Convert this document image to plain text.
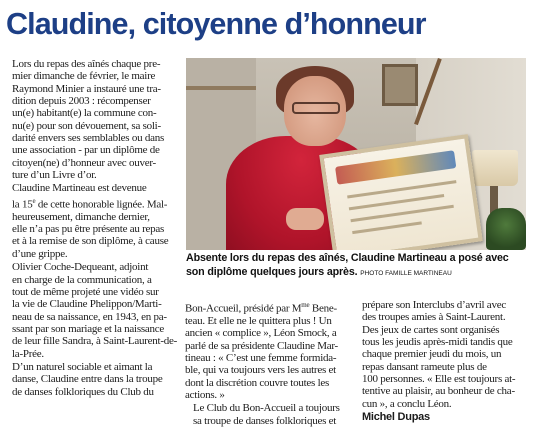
Claudine, citoyenne d’honneur

Lors du repas des aînés chaque pre-
mier dimanche de février, le maire
Raymond Minier a instauré une tra-
dition depuis 2003 : récompenser
un(e) habitant(e) la commune con-
nu(e) pour son dévouement, sa soli-
darité envers ses semblables ou dans
une association - par un diplôme de
citoyen(ne) d’honneur avec ouver-
ture d’un Livre d’or.

Claudine Martineau est devenue
la 15e de cette honorable lignée. Mal-
heureusement, dimanche dernier,
elle n’a pas pu être présente au repas
et à la remise de son diplôme, à cause
d’une grippe.

Olivier Coche-Dequeant, adjoint
en charge de la communication, a
tout de même projeté une vidéo sur
la vie de Claudine Phelippon/Marti-
neau de sa naissance, en 1943, en pa-
ssant par son mariage et la naissance
de leur fille Sandra, à Saint-Laurent-de-
la-Prée.

D’un naturel sociable et aimant la
danse, Claudine entre dans la troupe
de danses folkloriques du Club du

Absente lors du repas des aînés, Claudine Martineau a posé avec son diplôme quelques jours après. PHOTO FAMILLE MARTINEAU

Bon-Accueil, présidé par $M^{me}$ Bene-
teau. Et elle ne le quittera plus ! Un
ancien « complice », Léon Smock, a
parlé de sa présidente Claudine Mar-
tineau : « C’est une femme formida-
ble, qui va toujours vers les autres et
dont la discrétion couvre toutes les
actions. »

Le Club du Bon-Accueil a toujours
sa troupe de danses folkloriques et

prépare son Interclubs d’avril avec
des troupes amies à Saint-Laurent.
Des jeux de cartes sont organisés
tous les jeudis après-midi tandis que
chaque premier jeudi du mois, un
repas dansant rameute plus de
100 personnes. « Elle est toujours at-
tentive au plaisir, au bonheur de cha-
cun », a conclu Léon.

Michel Dupas
